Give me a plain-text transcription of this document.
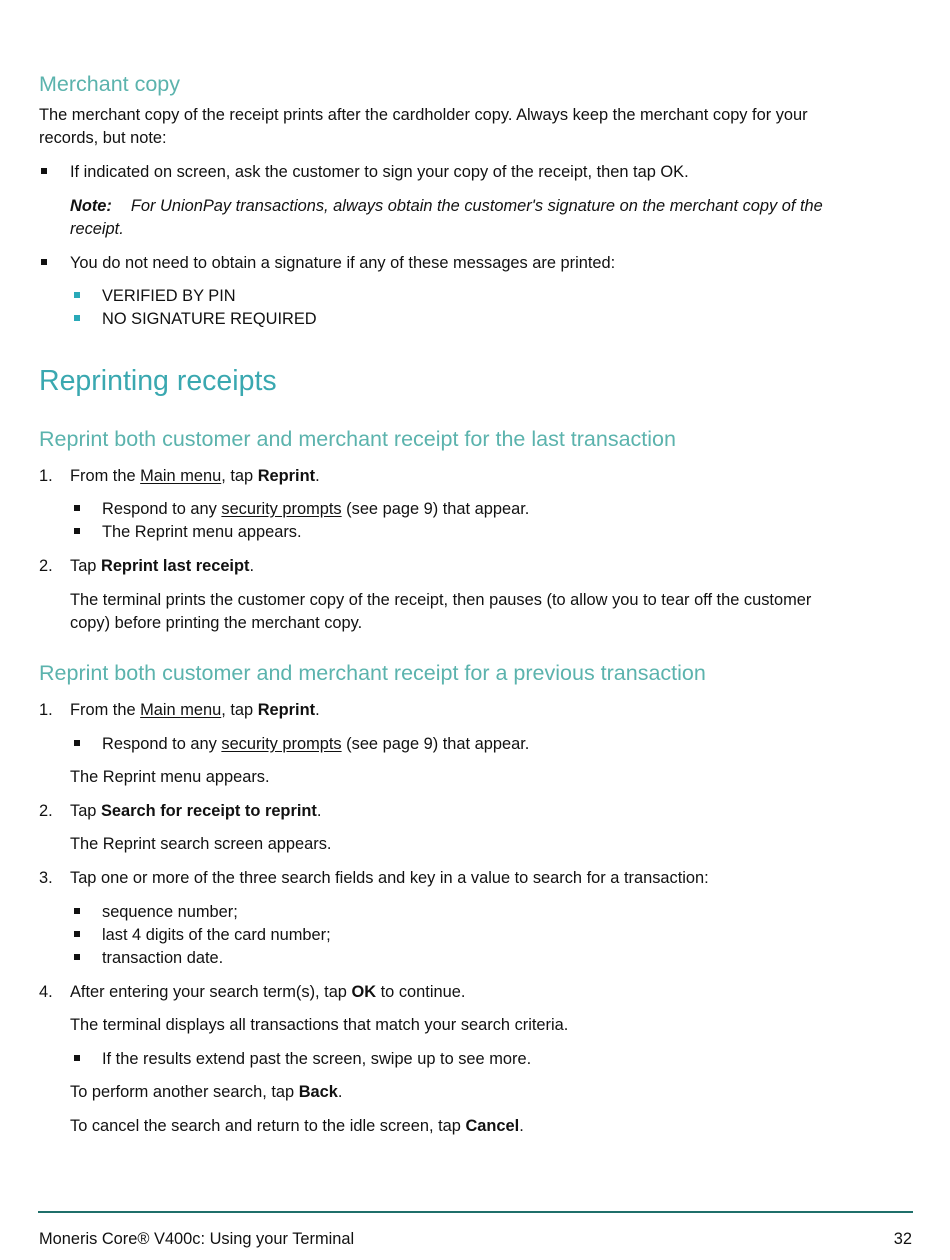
Merchant copy
The merchant copy of the receipt prints after the cardholder copy. Always keep the merchant copy for your
records, but note:
If indicated on screen, ask the customer to sign your copy of the receipt, then tap OK.
Note: For UnionPay transactions, always obtain the customer's signature on the merchant copy of the
receipt.
You do not need to obtain a signature if any of these messages are printed:
VERIFIED BY PIN
NO SIGNATURE REQUIRED
Reprinting receipts
Reprint both customer and merchant receipt for the last transaction
1. From the Main menu, tap Reprint.
Respond to any security prompts (see page 9) that appear.
The Reprint menu appears.
2. Tap Reprint last receipt.
The terminal prints the customer copy of the receipt, then pauses (to allow you to tear off the customer
copy) before printing the merchant copy.
Reprint both customer and merchant receipt for a previous transaction
1. From the Main menu, tap Reprint.
Respond to any security prompts (see page 9) that appear.
The Reprint menu appears.
2. Tap Search for receipt to reprint.
The Reprint search screen appears.
3. Tap one or more of the three search fields and key in a value to search for a transaction:
sequence number;
last 4 digits of the card number;
transaction date.
4. After entering your search term(s), tap OK to continue.
The terminal displays all transactions that match your search criteria.
If the results extend past the screen, swipe up to see more.
To perform another search, tap Back.
To cancel the search and return to the idle screen, tap Cancel.
Moneris Core® V400c: Using your Terminal	32
